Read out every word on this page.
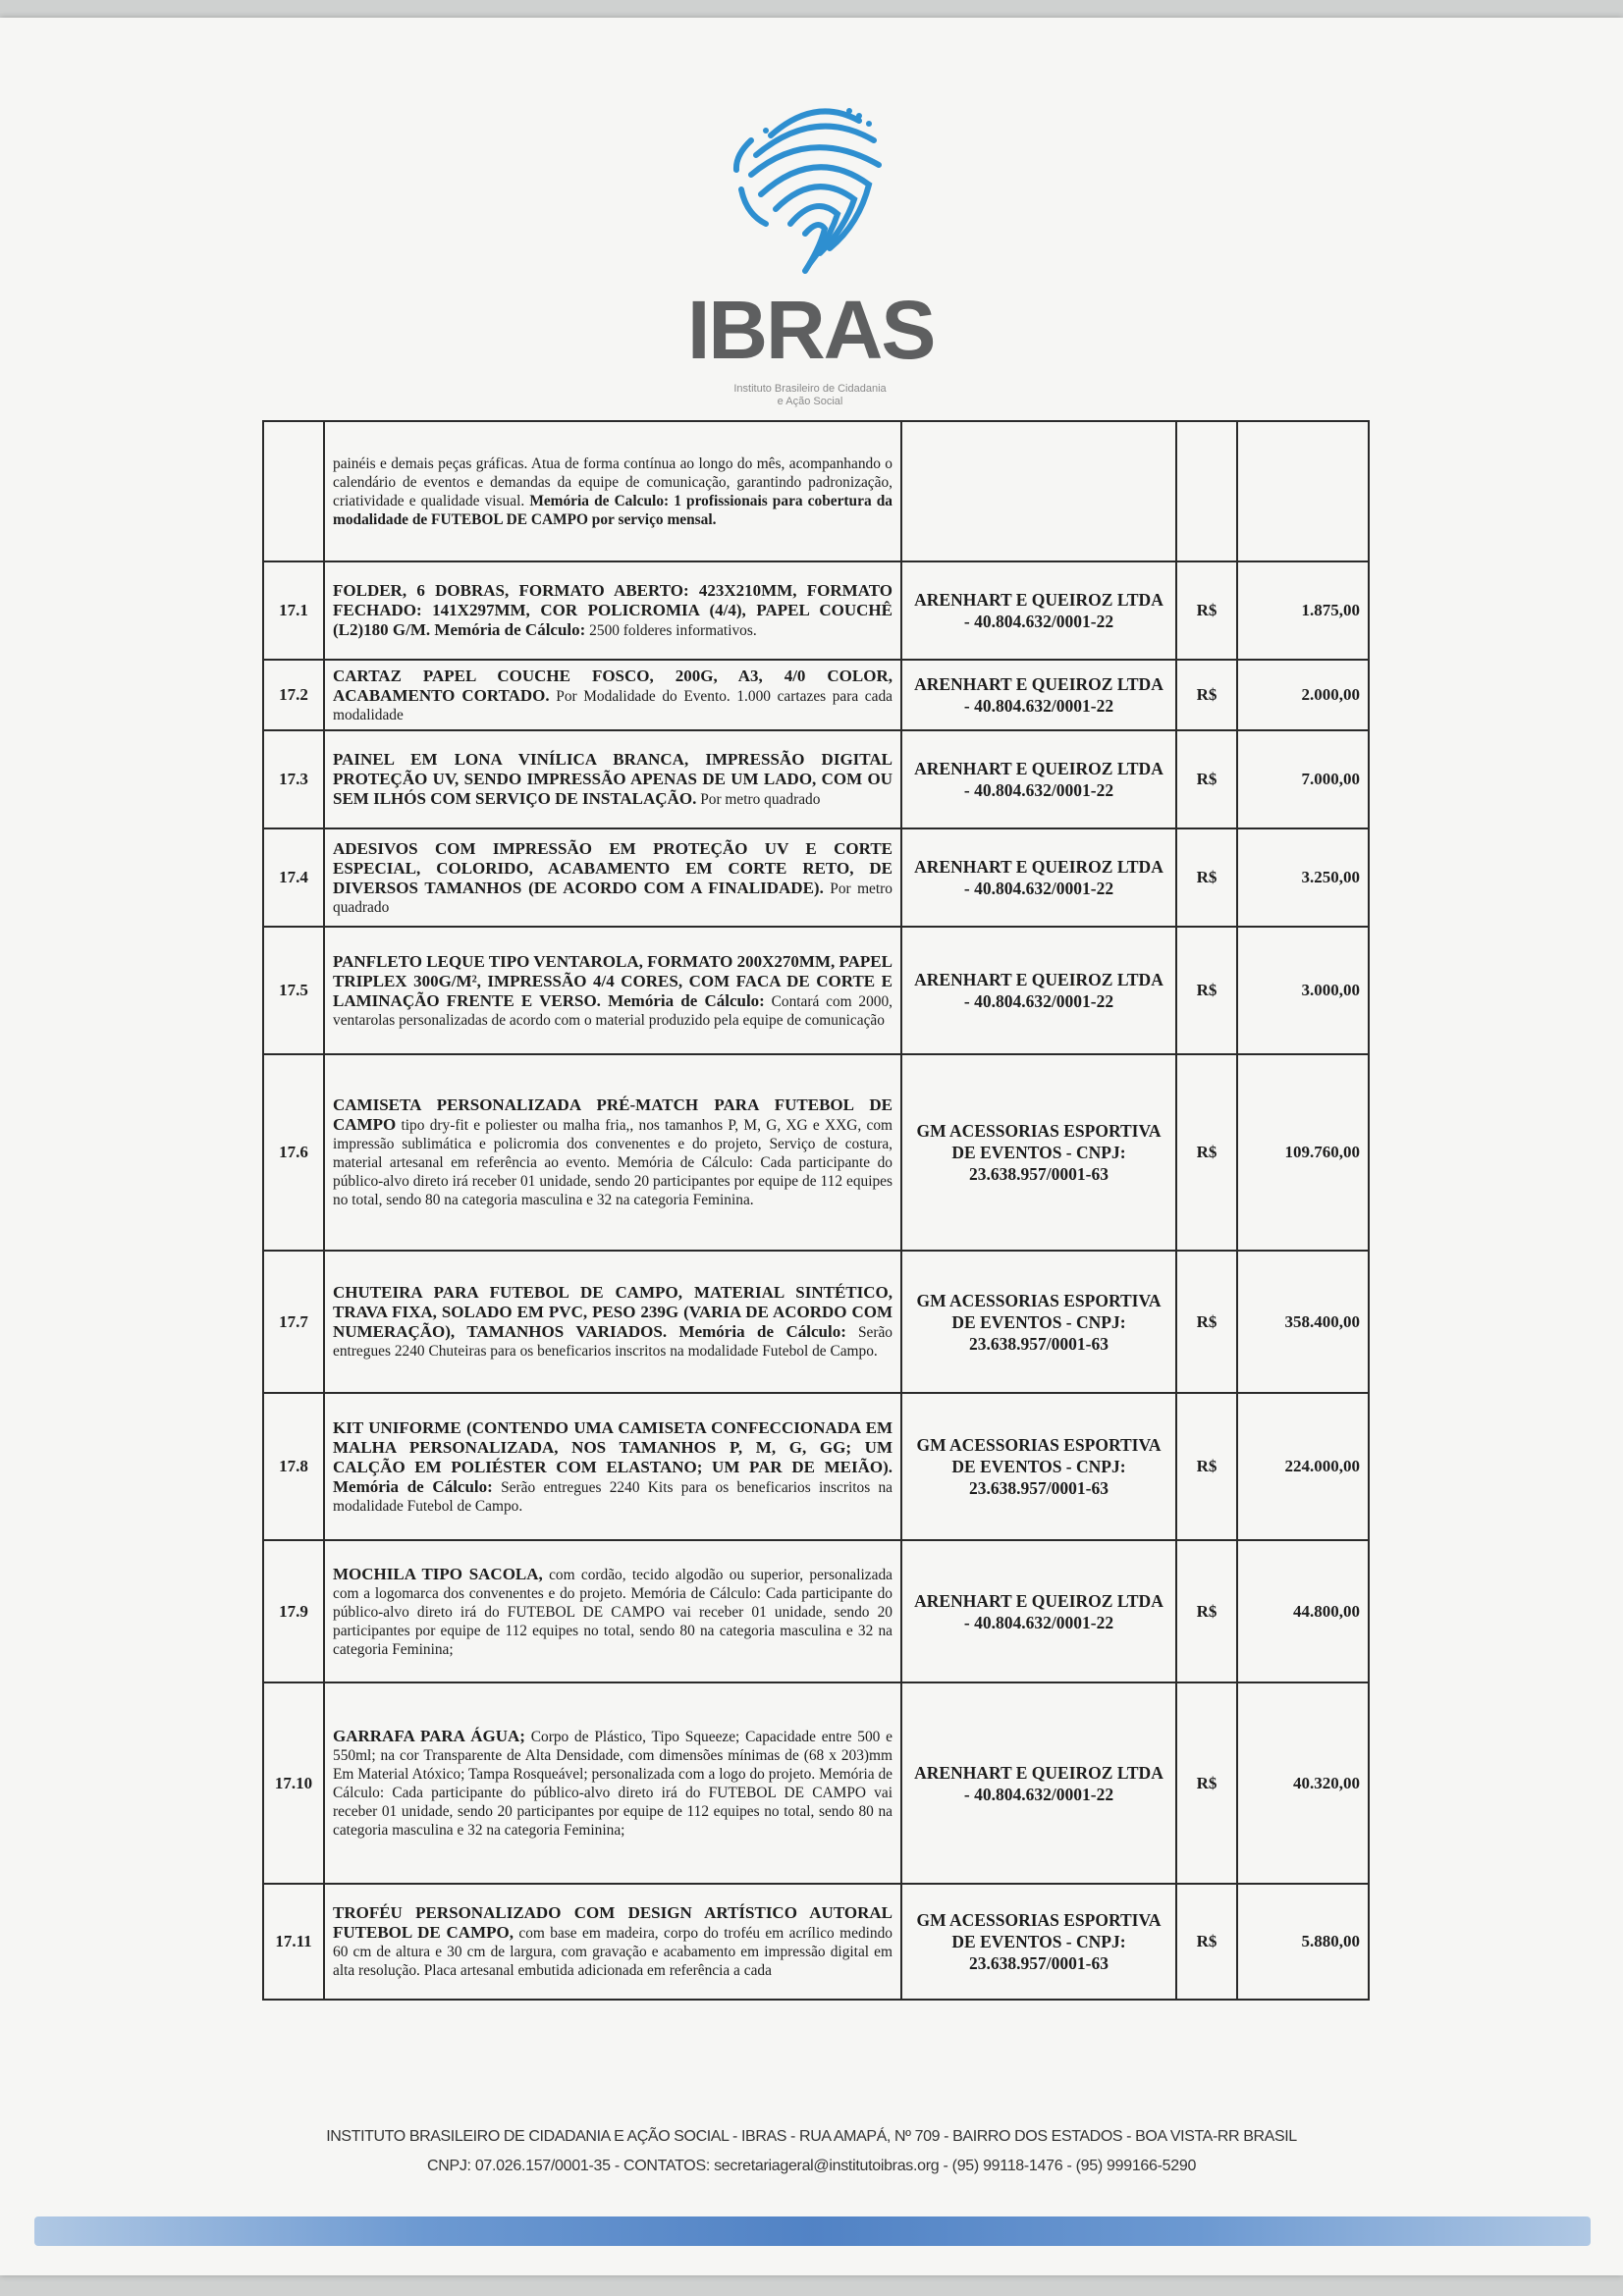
IBRAS
Instituto Brasileiro de Cidadania
e Ação Social
	painéis e demais peças gráficas. Atua de forma contínua ao longo do mês, acompanhando o calendário de eventos e demandas da equipe de comunicação, garantindo padronização, criatividade e qualidade visual. Memória de Calculo: 1 profissionais para cobertura da modalidade de FUTEBOL DE CAMPO por serviço mensal.			
17.1	FOLDER, 6 DOBRAS, FORMATO ABERTO: 423X210MM, FORMATO FECHADO: 141X297MM, COR POLICROMIA (4/4), PAPEL COUCHÊ (L2)180 G/M. Memória de Cálculo: 2500 folderes informativos.	ARENHART E QUEIROZ LTDA - 40.804.632/0001-22	R$	1.875,00
17.2	CARTAZ PAPEL COUCHE FOSCO, 200G, A3, 4/0 COLOR, ACABAMENTO CORTADO. Por Modalidade do Evento. 1.000 cartazes para cada modalidade	ARENHART E QUEIROZ LTDA - 40.804.632/0001-22	R$	2.000,00
17.3	PAINEL EM LONA VINÍLICA BRANCA, IMPRESSÃO DIGITAL PROTEÇÃO UV, SENDO IMPRESSÃO APENAS DE UM LADO, COM OU SEM ILHÓS COM SERVIÇO DE INSTALAÇÃO. Por metro quadrado	ARENHART E QUEIROZ LTDA - 40.804.632/0001-22	R$	7.000,00
17.4	ADESIVOS COM IMPRESSÃO EM PROTEÇÃO UV E CORTE ESPECIAL, COLORIDO, ACABAMENTO EM CORTE RETO, DE DIVERSOS TAMANHOS (DE ACORDO COM A FINALIDADE). Por metro quadrado	ARENHART E QUEIROZ LTDA - 40.804.632/0001-22	R$	3.250,00
17.5	PANFLETO LEQUE TIPO VENTAROLA, FORMATO 200X270MM, PAPEL TRIPLEX 300G/M², IMPRESSÃO 4/4 CORES, COM FACA DE CORTE E LAMINAÇÃO FRENTE E VERSO. Memória de Cálculo: Contará com 2000, ventarolas personalizadas de acordo com o material produzido pela equipe de comunicação	ARENHART E QUEIROZ LTDA - 40.804.632/0001-22	R$	3.000,00
17.6	CAMISETA PERSONALIZADA PRÉ-MATCH PARA FUTEBOL DE CAMPO tipo dry-fit e poliester ou malha fria,, nos tamanhos P, M, G, XG e XXG, com impressão sublimática e policromia dos convenentes e do projeto, Serviço de costura, material artesanal em referência ao evento. Memória de Cálculo: Cada participante do público-alvo direto irá receber 01 unidade, sendo 20 participantes por equipe de 112 equipes no total, sendo 80 na categoria masculina e 32 na categoria Feminina.	GM ACESSORIAS ESPORTIVA DE EVENTOS - CNPJ: 23.638.957/0001-63	R$	109.760,00
17.7	CHUTEIRA PARA FUTEBOL DE CAMPO, MATERIAL SINTÉTICO, TRAVA FIXA, SOLADO EM PVC, PESO 239G (VARIA DE ACORDO COM NUMERAÇÃO), TAMANHOS VARIADOS. Memória de Cálculo: Serão entregues 2240 Chuteiras para os beneficarios inscritos na modalidade Futebol de Campo.	GM ACESSORIAS ESPORTIVA DE EVENTOS - CNPJ: 23.638.957/0001-63	R$	358.400,00
17.8	KIT UNIFORME (CONTENDO UMA CAMISETA CONFECCIONADA EM MALHA PERSONALIZADA, NOS TAMANHOS P, M, G, GG; UM CALÇÃO EM POLIÉSTER COM ELASTANO; UM PAR DE MEIÃO). Memória de Cálculo: Serão entregues 2240 Kits para os beneficarios inscritos na modalidade Futebol de Campo.	GM ACESSORIAS ESPORTIVA DE EVENTOS - CNPJ: 23.638.957/0001-63	R$	224.000,00
17.9	MOCHILA TIPO SACOLA, com cordão, tecido algodão ou superior, personalizada com a logomarca dos convenentes e do projeto. Memória de Cálculo: Cada participante do público-alvo direto irá do FUTEBOL DE CAMPO vai receber 01 unidade, sendo 20 participantes por equipe de 112 equipes no total, sendo 80 na categoria masculina e 32 na categoria Feminina;	ARENHART E QUEIROZ LTDA - 40.804.632/0001-22	R$	44.800,00
17.10	GARRAFA PARA ÁGUA; Corpo de Plástico, Tipo Squeeze; Capacidade entre 500 e 550ml; na cor Transparente de Alta Densidade, com dimensões mínimas de (68 x 203)mm Em Material Atóxico; Tampa Rosqueável; personalizada com a logo do projeto. Memória de Cálculo: Cada participante do público-alvo direto irá do FUTEBOL DE CAMPO vai receber 01 unidade, sendo 20 participantes por equipe de 112 equipes no total, sendo 80 na categoria masculina e 32 na categoria Feminina;	ARENHART E QUEIROZ LTDA - 40.804.632/0001-22	R$	40.320,00
17.11	TROFÉU PERSONALIZADO COM DESIGN ARTÍSTICO AUTORAL FUTEBOL DE CAMPO, com base em madeira, corpo do troféu em acrílico medindo 60 cm de altura e 30 cm de largura, com gravação e acabamento em impressão digital em alta resolução. Placa artesanal embutida adicionada em referência a cada	GM ACESSORIAS ESPORTIVA DE EVENTOS - CNPJ: 23.638.957/0001-63	R$	5.880,00
INSTITUTO BRASILEIRO DE CIDADANIA E AÇÃO SOCIAL - IBRAS - RUA AMAPÁ, Nº 709 - BAIRRO DOS ESTADOS - BOA VISTA-RR BRASIL
CNPJ: 07.026.157/0001-35 - CONTATOS: secretariageral@institutoibras.org - (95) 99118-1476 - (95) 999166-5290
